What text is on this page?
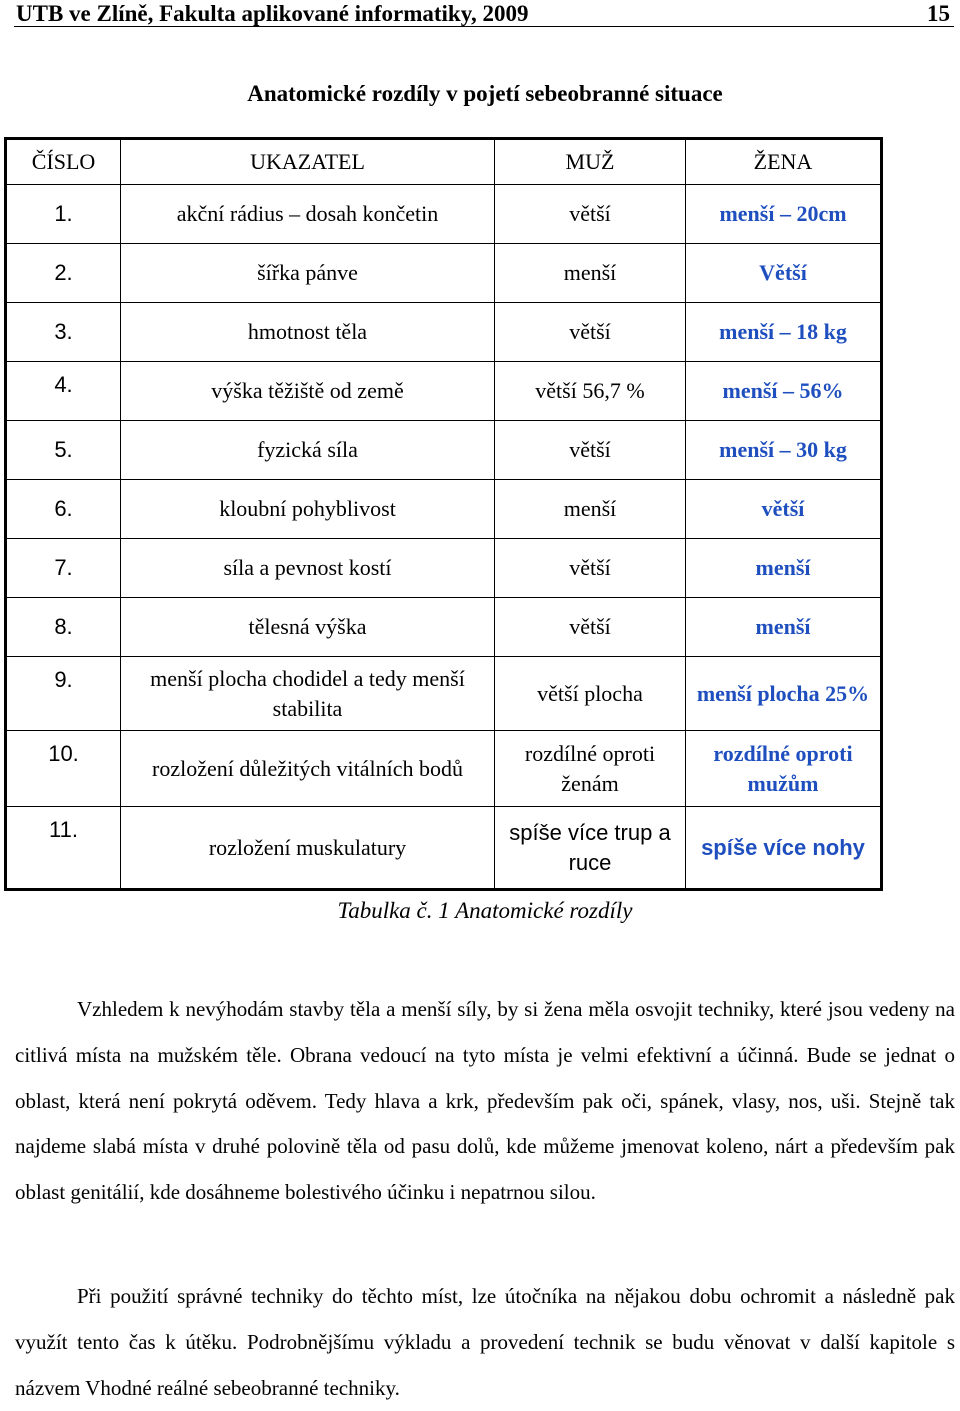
UTB ve Zlíně, Fakulta aplikované informatiky, 2009	15
Anatomické rozdíly v pojetí sebeobranné situace
ČÍSLO	UKAZATEL	MUŽ	ŽENA
1.	akční rádius – dosah končetin	větší	menší – 20cm
2.	šířka pánve	menší	Větší
3.	hmotnost těla	větší	menší – 18 kg
4.	výška těžiště od země	větší 56,7 %	menší – 56%
5.	fyzická síla	větší	menší – 30 kg
6.	kloubní pohyblivost	menší	větší
7.	síla a pevnost kostí	větší	menší
8.	tělesná výška	větší	menší
9.	menší plocha chodidel a tedy menší stabilita	větší plocha	menší plocha 25%
10.	rozložení důležitých vitálních bodů	rozdílné oproti ženám	rozdílné oproti mužům
11.	rozložení muskulatury	spíše více trup a ruce	spíše více nohy
Tabulka č. 1 Anatomické rozdíly

Vzhledem k nevýhodám stavby těla a menší síly, by si žena měla osvojit techniky, které jsou vedeny na citlivá místa na mužském těle. Obrana vedoucí na tyto místa je velmi efektivní a účinná. Bude se jednat o oblast, která není pokrytá oděvem. Tedy hlava a krk, především pak oči, spánek, vlasy, nos, uši. Stejně tak najdeme slabá místa v druhé polovině těla od pasu dolů, kde můžeme jmenovat koleno, nárt a především pak oblast genitálií, kde dosáhneme bolestivého účinku i nepatrnou silou.

Při použití správné techniky do těchto míst, lze útočníka na nějakou dobu ochromit a následně pak využít tento čas k útěku. Podrobnějšímu výkladu a provedení technik se budu věnovat v další kapitole s názvem Vhodné reálné sebeobranné techniky.
